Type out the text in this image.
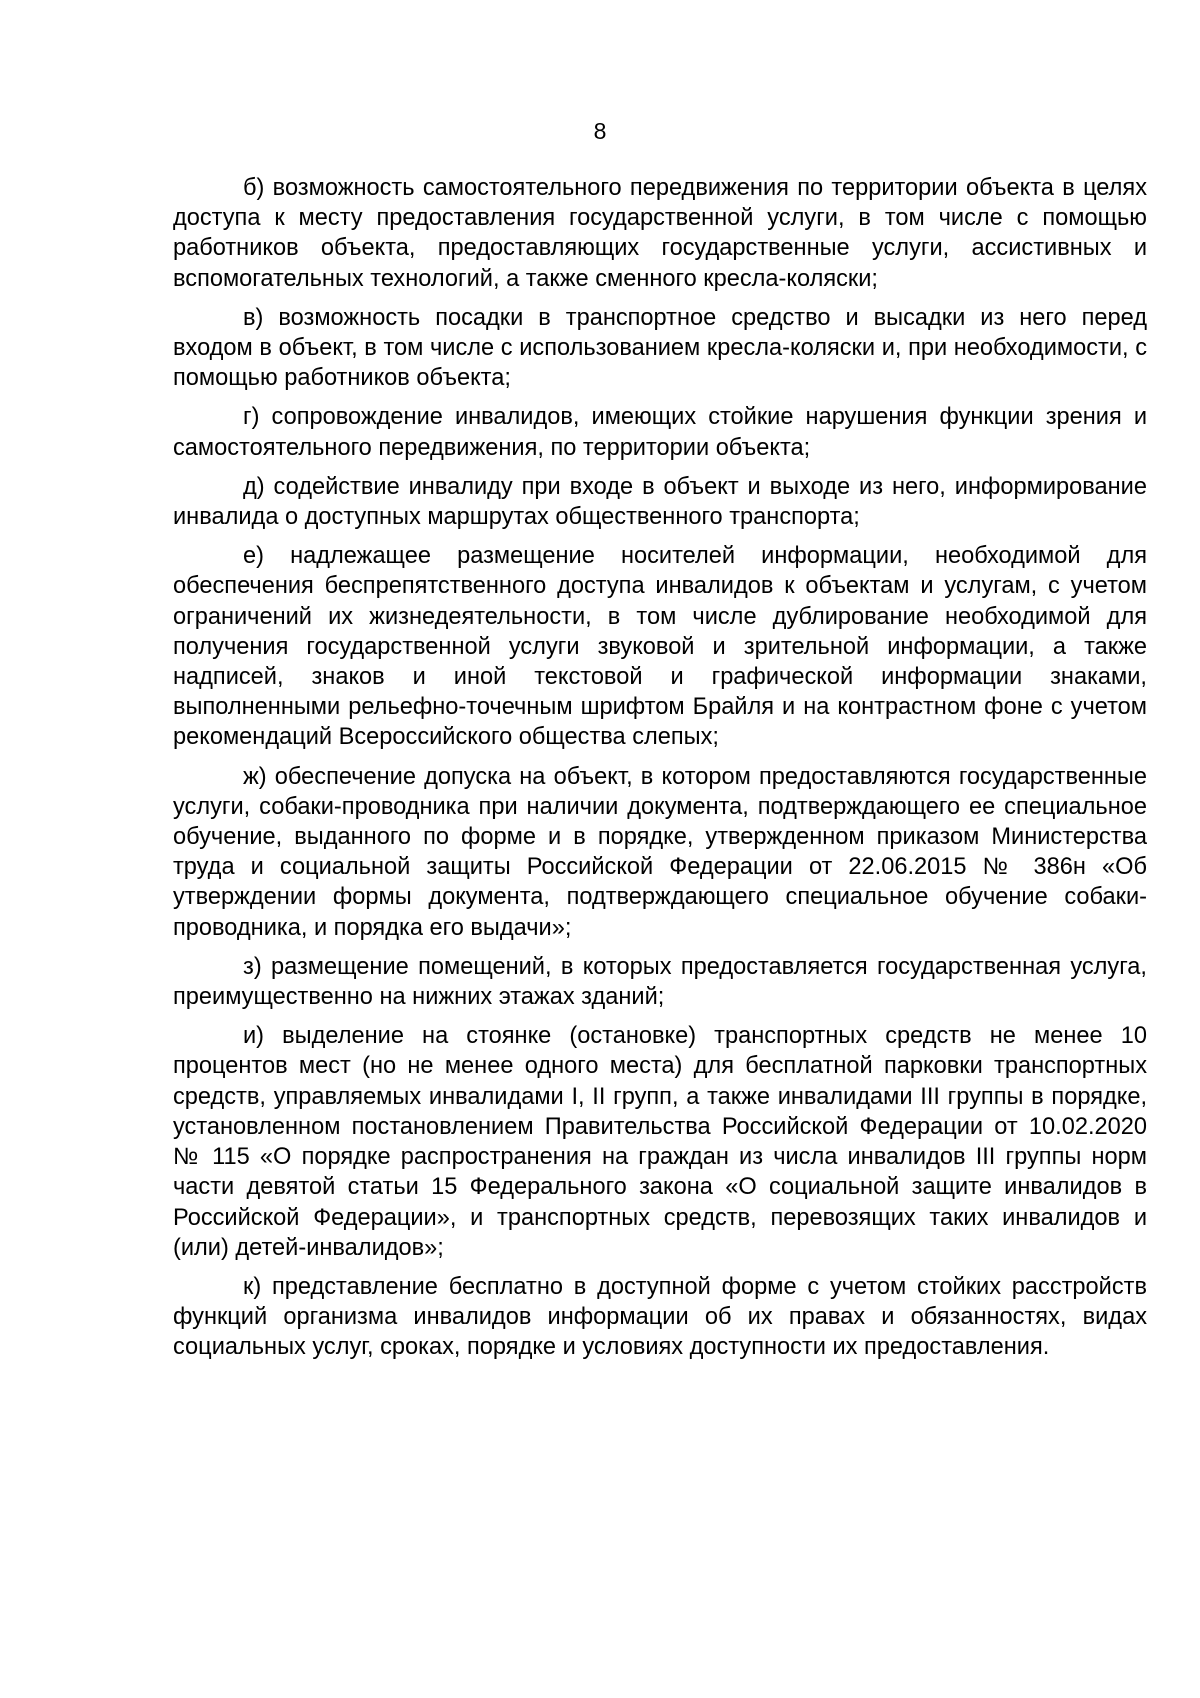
8

б) возможность самостоятельного передвижения по территории объекта в целях доступа к месту предоставления государственной услуги, в том числе с помощью работников объекта, предоставляющих государственные услуги, ассистивных и вспомогательных технологий, а также сменного кресла-коляски;

в) возможность посадки в транспортное средство и высадки из него перед входом в объект, в том числе с использованием кресла-коляски и, при необходимости, с помощью работников объекта;

г) сопровождение инвалидов, имеющих стойкие нарушения функции зрения и самостоятельного передвижения, по территории объекта;

д) содействие инвалиду при входе в объект и выходе из него, информирование инвалида о доступных маршрутах общественного транспорта;

е) надлежащее размещение носителей информации, необходимой для обеспечения беспрепятственного доступа инвалидов к объектам и услугам, с учетом ограничений их жизнедеятельности, в том числе дублирование необходимой для получения государственной услуги звуковой и зрительной информации, а также надписей, знаков и иной текстовой и графической информации знаками, выполненными рельефно-точечным шрифтом Брайля и на контрастном фоне с учетом рекомендаций Всероссийского общества слепых;

ж) обеспечение допуска на объект, в котором предоставляются государственные услуги, собаки-проводника при наличии документа, подтверждающего ее специальное обучение, выданного по форме и в порядке, утвержденном приказом Министерства труда и социальной защиты Российской Федерации от 22.06.2015 № 386н «Об утверждении формы документа, подтверждающего специальное обучение собаки-проводника, и порядка его выдачи»;

з) размещение помещений, в которых предоставляется государственная услуга, преимущественно на нижних этажах зданий;

и) выделение на стоянке (остановке) транспортных средств не менее 10 процентов мест (но не менее одного места) для бесплатной парковки транспортных средств, управляемых инвалидами I, II групп, а также инвалидами III группы в порядке, установленном постановлением Правительства Российской Федерации от 10.02.2020 № 115 «О порядке распространения на граждан из числа инвалидов III группы норм части девятой статьи 15 Федерального закона «О социальной защите инвалидов в Российской Федерации», и транспортных средств, перевозящих таких инвалидов и (или) детей-инвалидов»;

к) представление бесплатно в доступной форме с учетом стойких расстройств функций организма инвалидов информации об их правах и обязанностях, видах социальных услуг, сроках, порядке и условиях доступности их предоставления.
